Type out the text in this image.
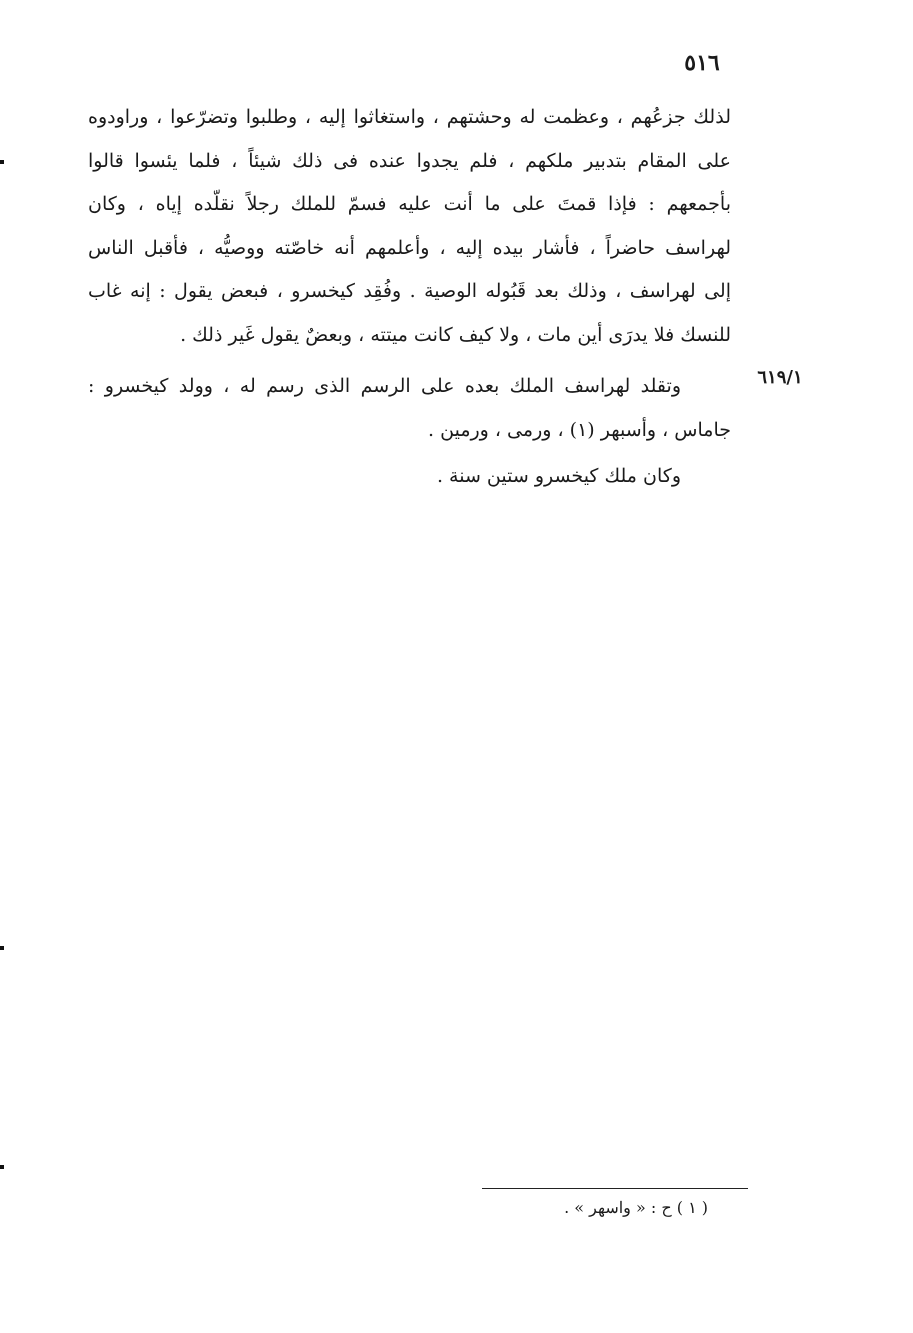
٥١٦
٦١٩/١
لذلك جزعُهم ، وعظمت له وحشتهم ، واستغاثوا إليه ، وطلبوا وتضرّعوا ، وراودوه
على المقام بتدبير ملكهم ، فلم يجدوا عنده فى ذلك شيئاً ، فلما يئسوا قالوا
بأجمعهم : فإذا قمتَ على ما أنت عليه فسمّ للملك رجلاً نقلّده إياه ، وكان
لهراسف حاضراً ، فأشار بيده إليه ، وأعلمهم أنه خاصّته ووصيُّه ، فأقبل الناس
إلى لهراسف ، وذلك بعد قَبُوله الوصية . وفُقِد كيخسرو ، فبعض يقول : إنه غاب
للنسك فلا يدرَى أين مات ، ولا كيف كانت ميتته ، وبعضٌ يقول غَير ذلك .
وتقلد لهراسف الملك بعده على الرسم الذى رسم له ، وولد كيخسرو :
جاماس ، وأسبهر (١) ، ورمى ، ورمين .
وكان ملك كيخسرو ستين سنة .
( ١ ) ح : « واسهر » .
